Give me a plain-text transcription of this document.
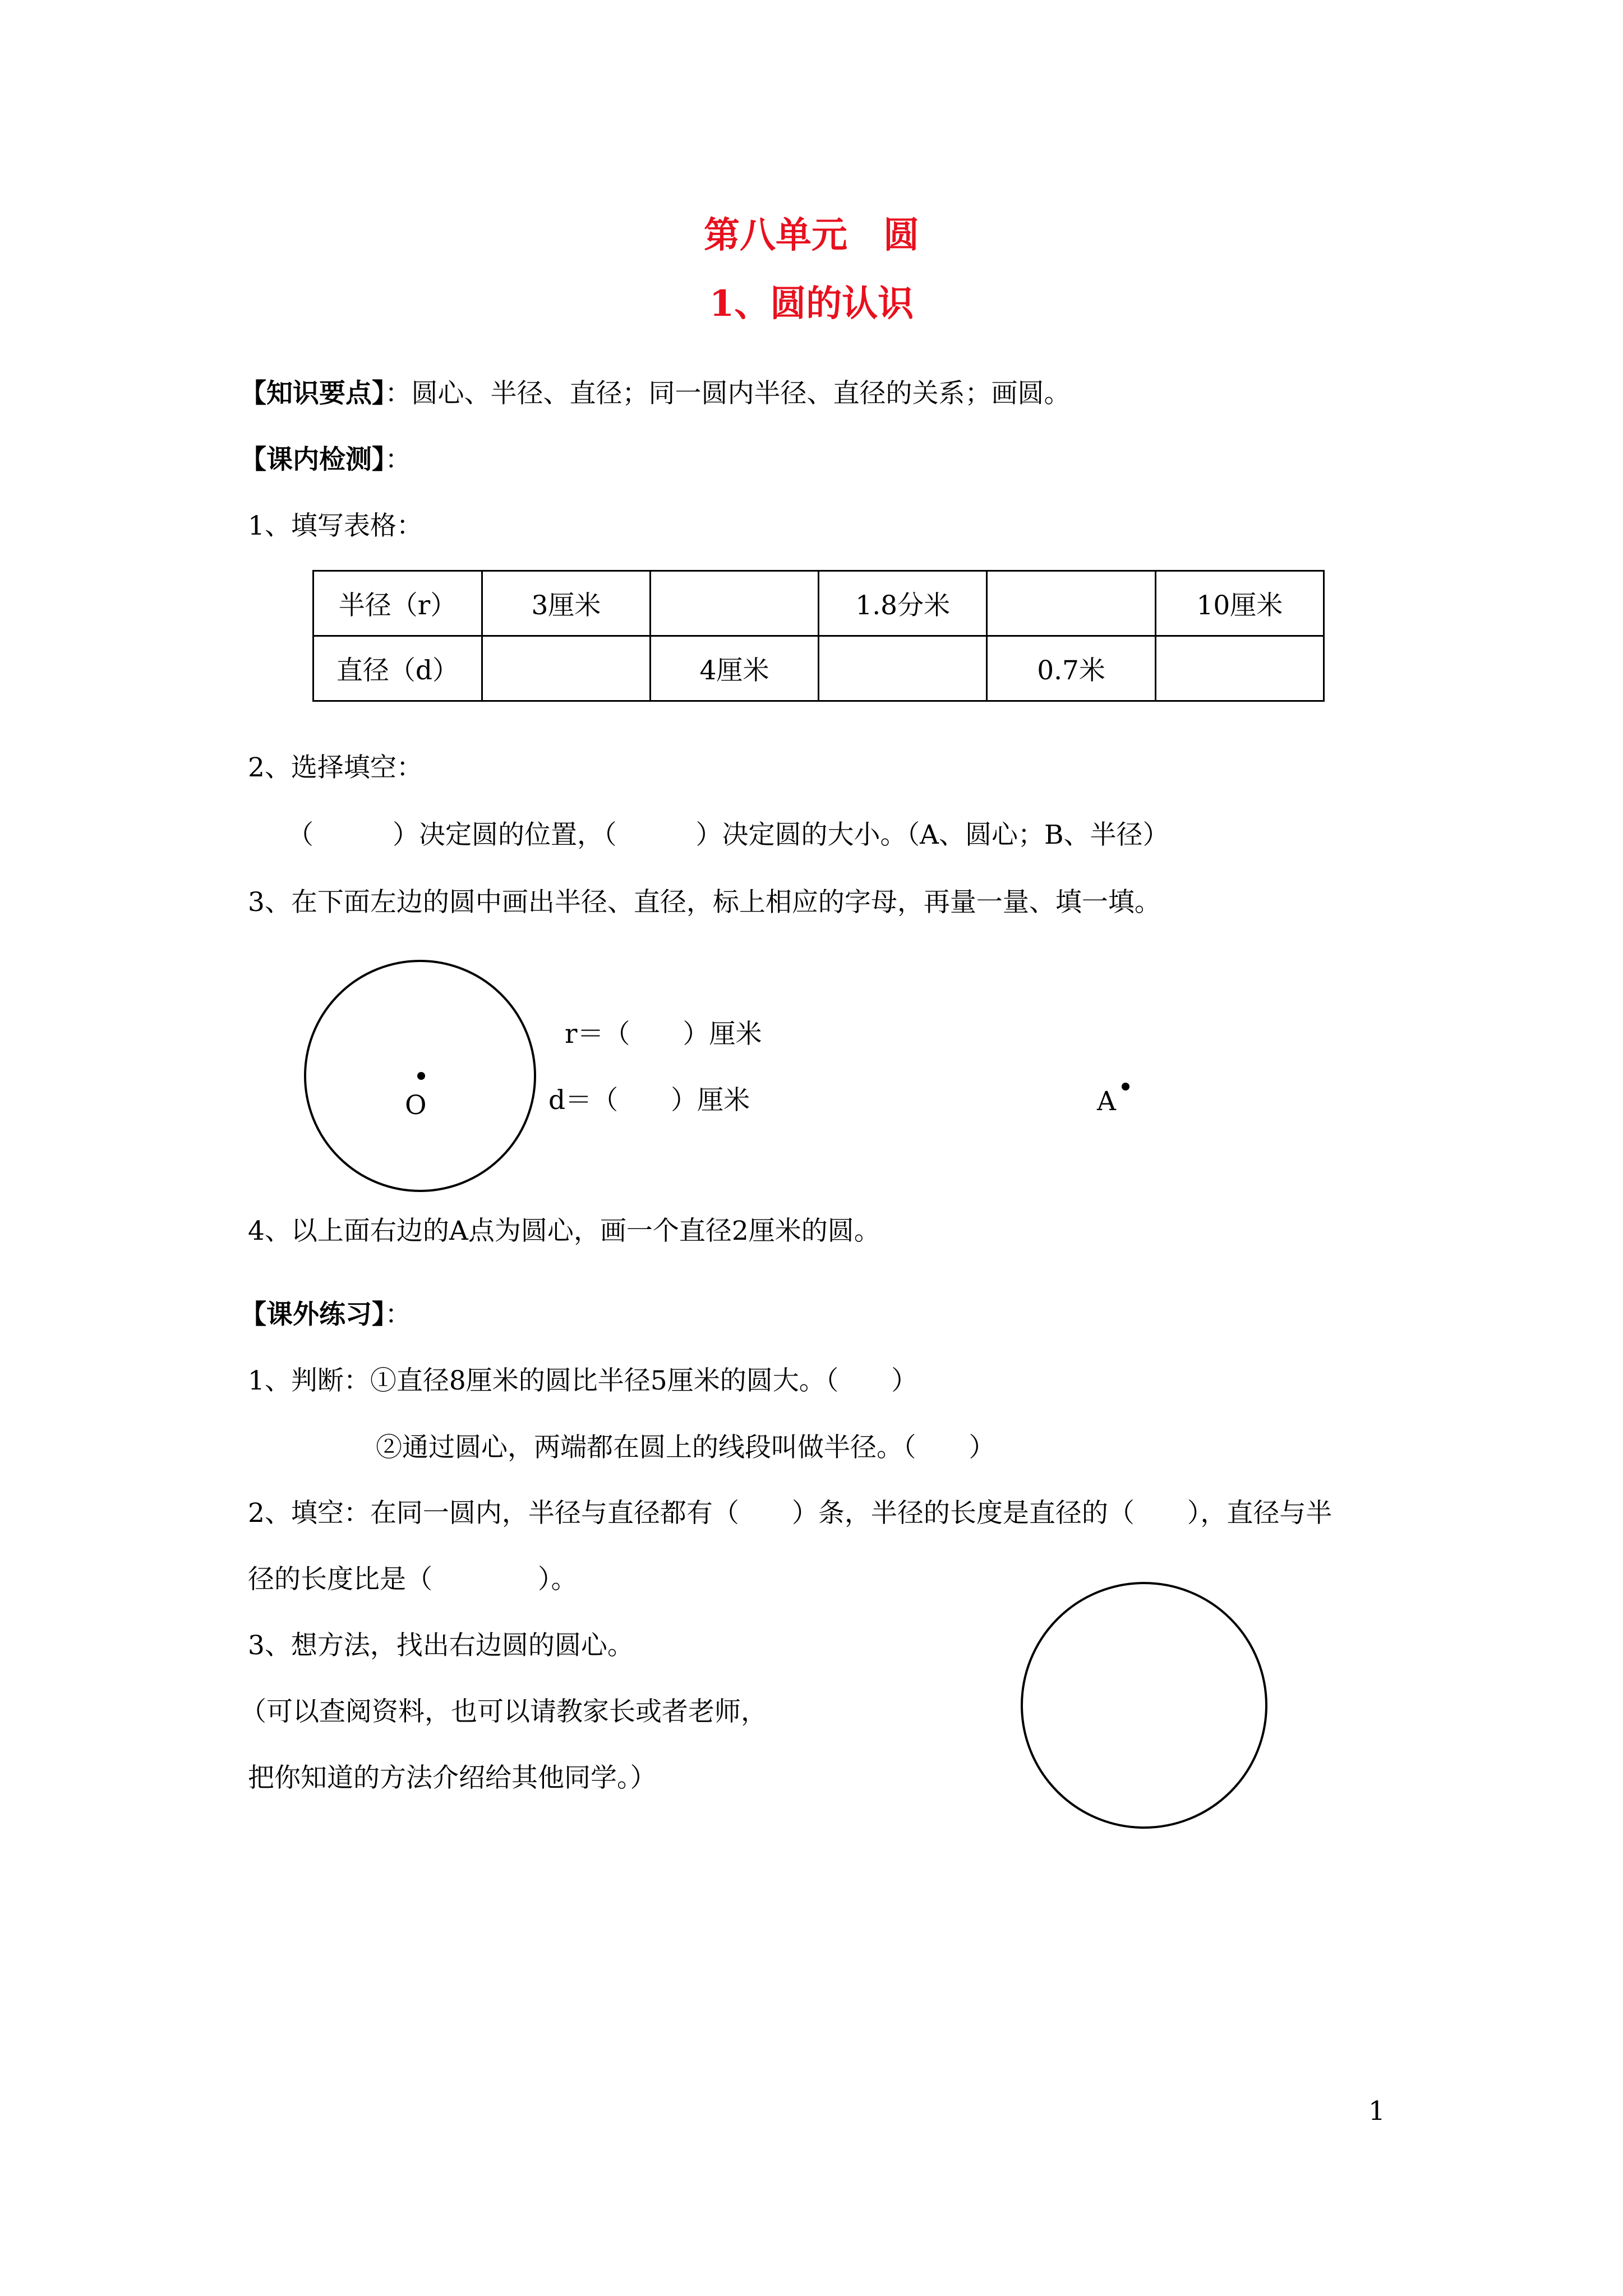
第八单元　圆
1、圆的认识
【知识要点】：圆心、半径、直径；同一圆内半径、直径的关系；画圆。
【课内检测】：
1、填写表格：
半径（r）	3厘米		1.8分米		10厘米
直径（d）		4厘米		0.7米	
2、选择填空：
（　　　）决定圆的位置，（　　　）决定圆的大小。（A、圆心；B、半径）
3、在下面左边的圆中画出半径、直径，标上相应的字母，再量一量、填一填。
O
r＝（　　）厘米
d＝（　　）厘米	A
4、以上面右边的A点为圆心，画一个直径2厘米的圆。
【课外练习】：
1、判断：①直径8厘米的圆比半径5厘米的圆大。（　　）
②通过圆心，两端都在圆上的线段叫做半径。（　　）
2、填空：在同一圆内，半径与直径都有（　　）条，半径的长度是直径的（　　），直径与半
径的长度比是（　　　　）。
3、想方法，找出右边圆的圆心。
（可以查阅资料，也可以请教家长或者老师，
把你知道的方法介绍给其他同学。）
1
